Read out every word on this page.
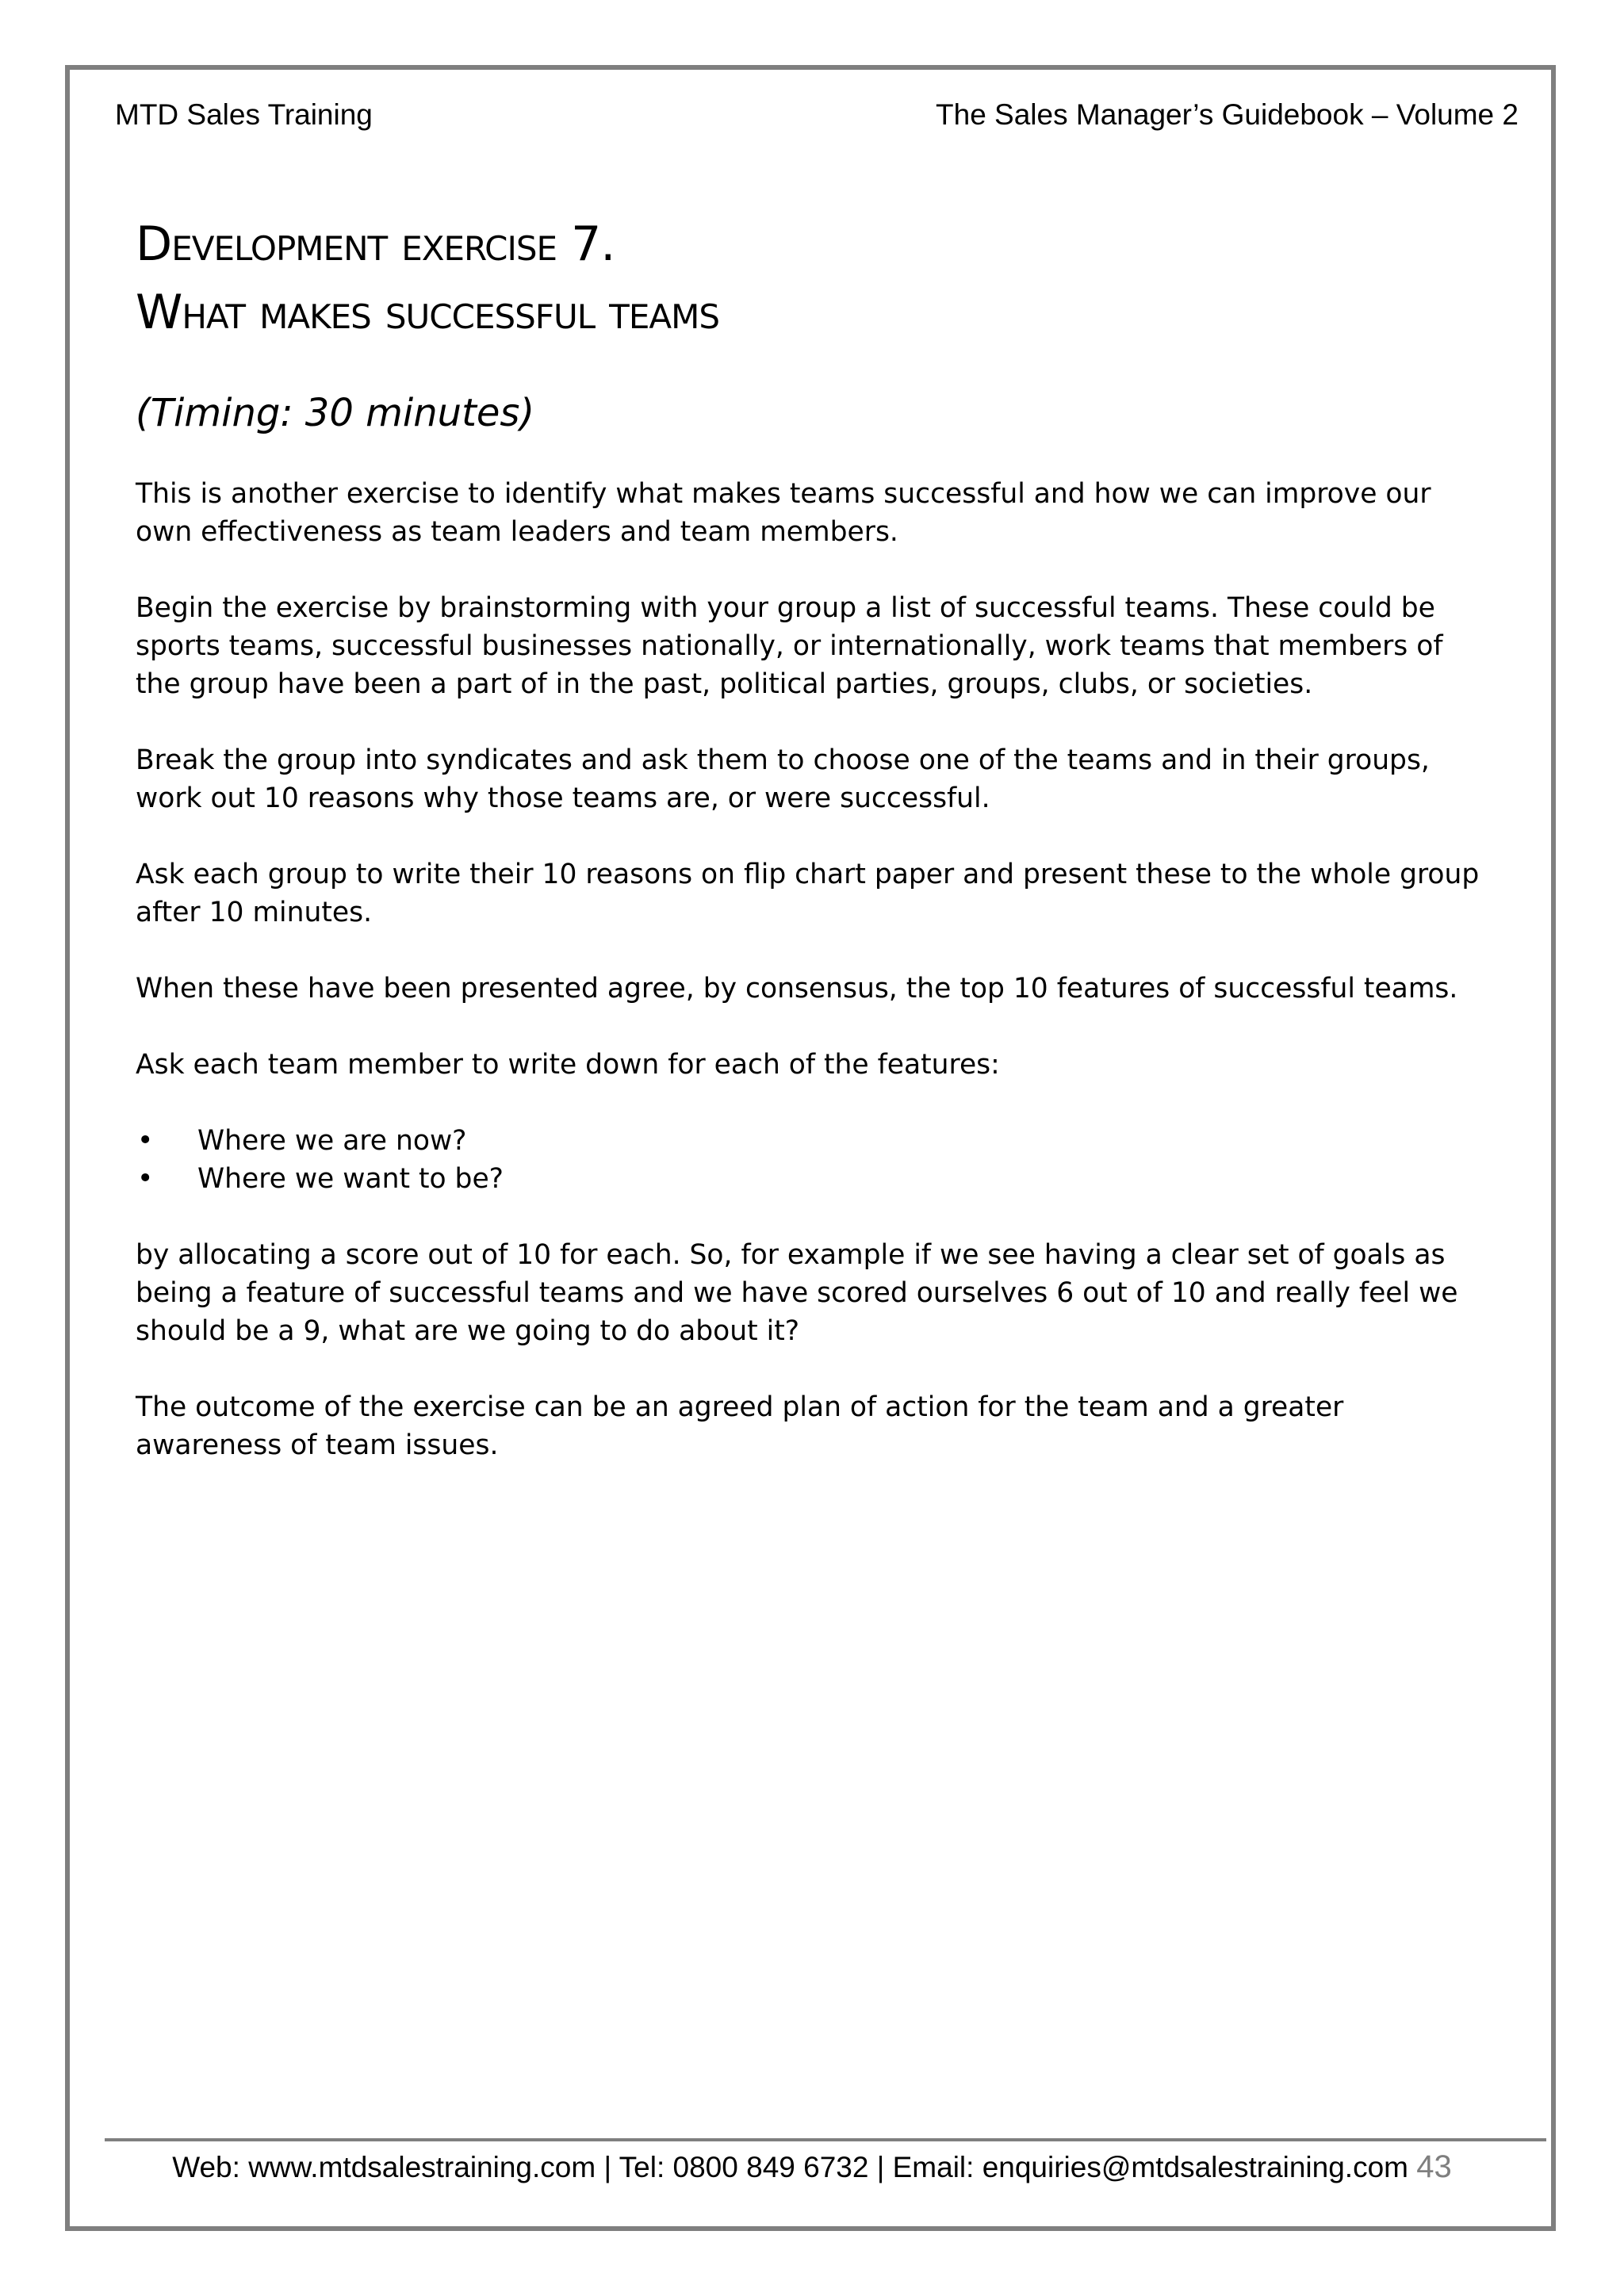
MTD Sales Training	The Sales Manager’s Guidebook – Volume 2
Development exercise 7.
What makes successful teams

(Timing: 30 minutes)

This is another exercise to identify what makes teams successful and how we can improve our own effectiveness as team leaders and team members.

Begin the exercise by brainstorming with your group a list of successful teams. These could be sports teams, successful businesses nationally, or internationally, work teams that members of the group have been a part of in the past, political parties, groups, clubs, or societies.

Break the group into syndicates and ask them to choose one of the teams and in their groups, work out 10 reasons why those teams are, or were successful.

Ask each group to write their 10 reasons on flip chart paper and present these to the whole group after 10 minutes.

When these have been presented agree, by consensus, the top 10 features of successful teams.

Ask each team member to write down for each of the features:

• Where we are now?
• Where we want to be?

by allocating a score out of 10 for each. So, for example if we see having a clear set of goals as being a feature of successful teams and we have scored ourselves 6 out of 10 and really feel we should be a 9, what are we going to do about it?

The outcome of the exercise can be an agreed plan of action for the team and a greater awareness of team issues.

Web: www.mtdsalestraining.com | Tel: 0800 849 6732 | Email: enquiries@mtdsalestraining.com 43
